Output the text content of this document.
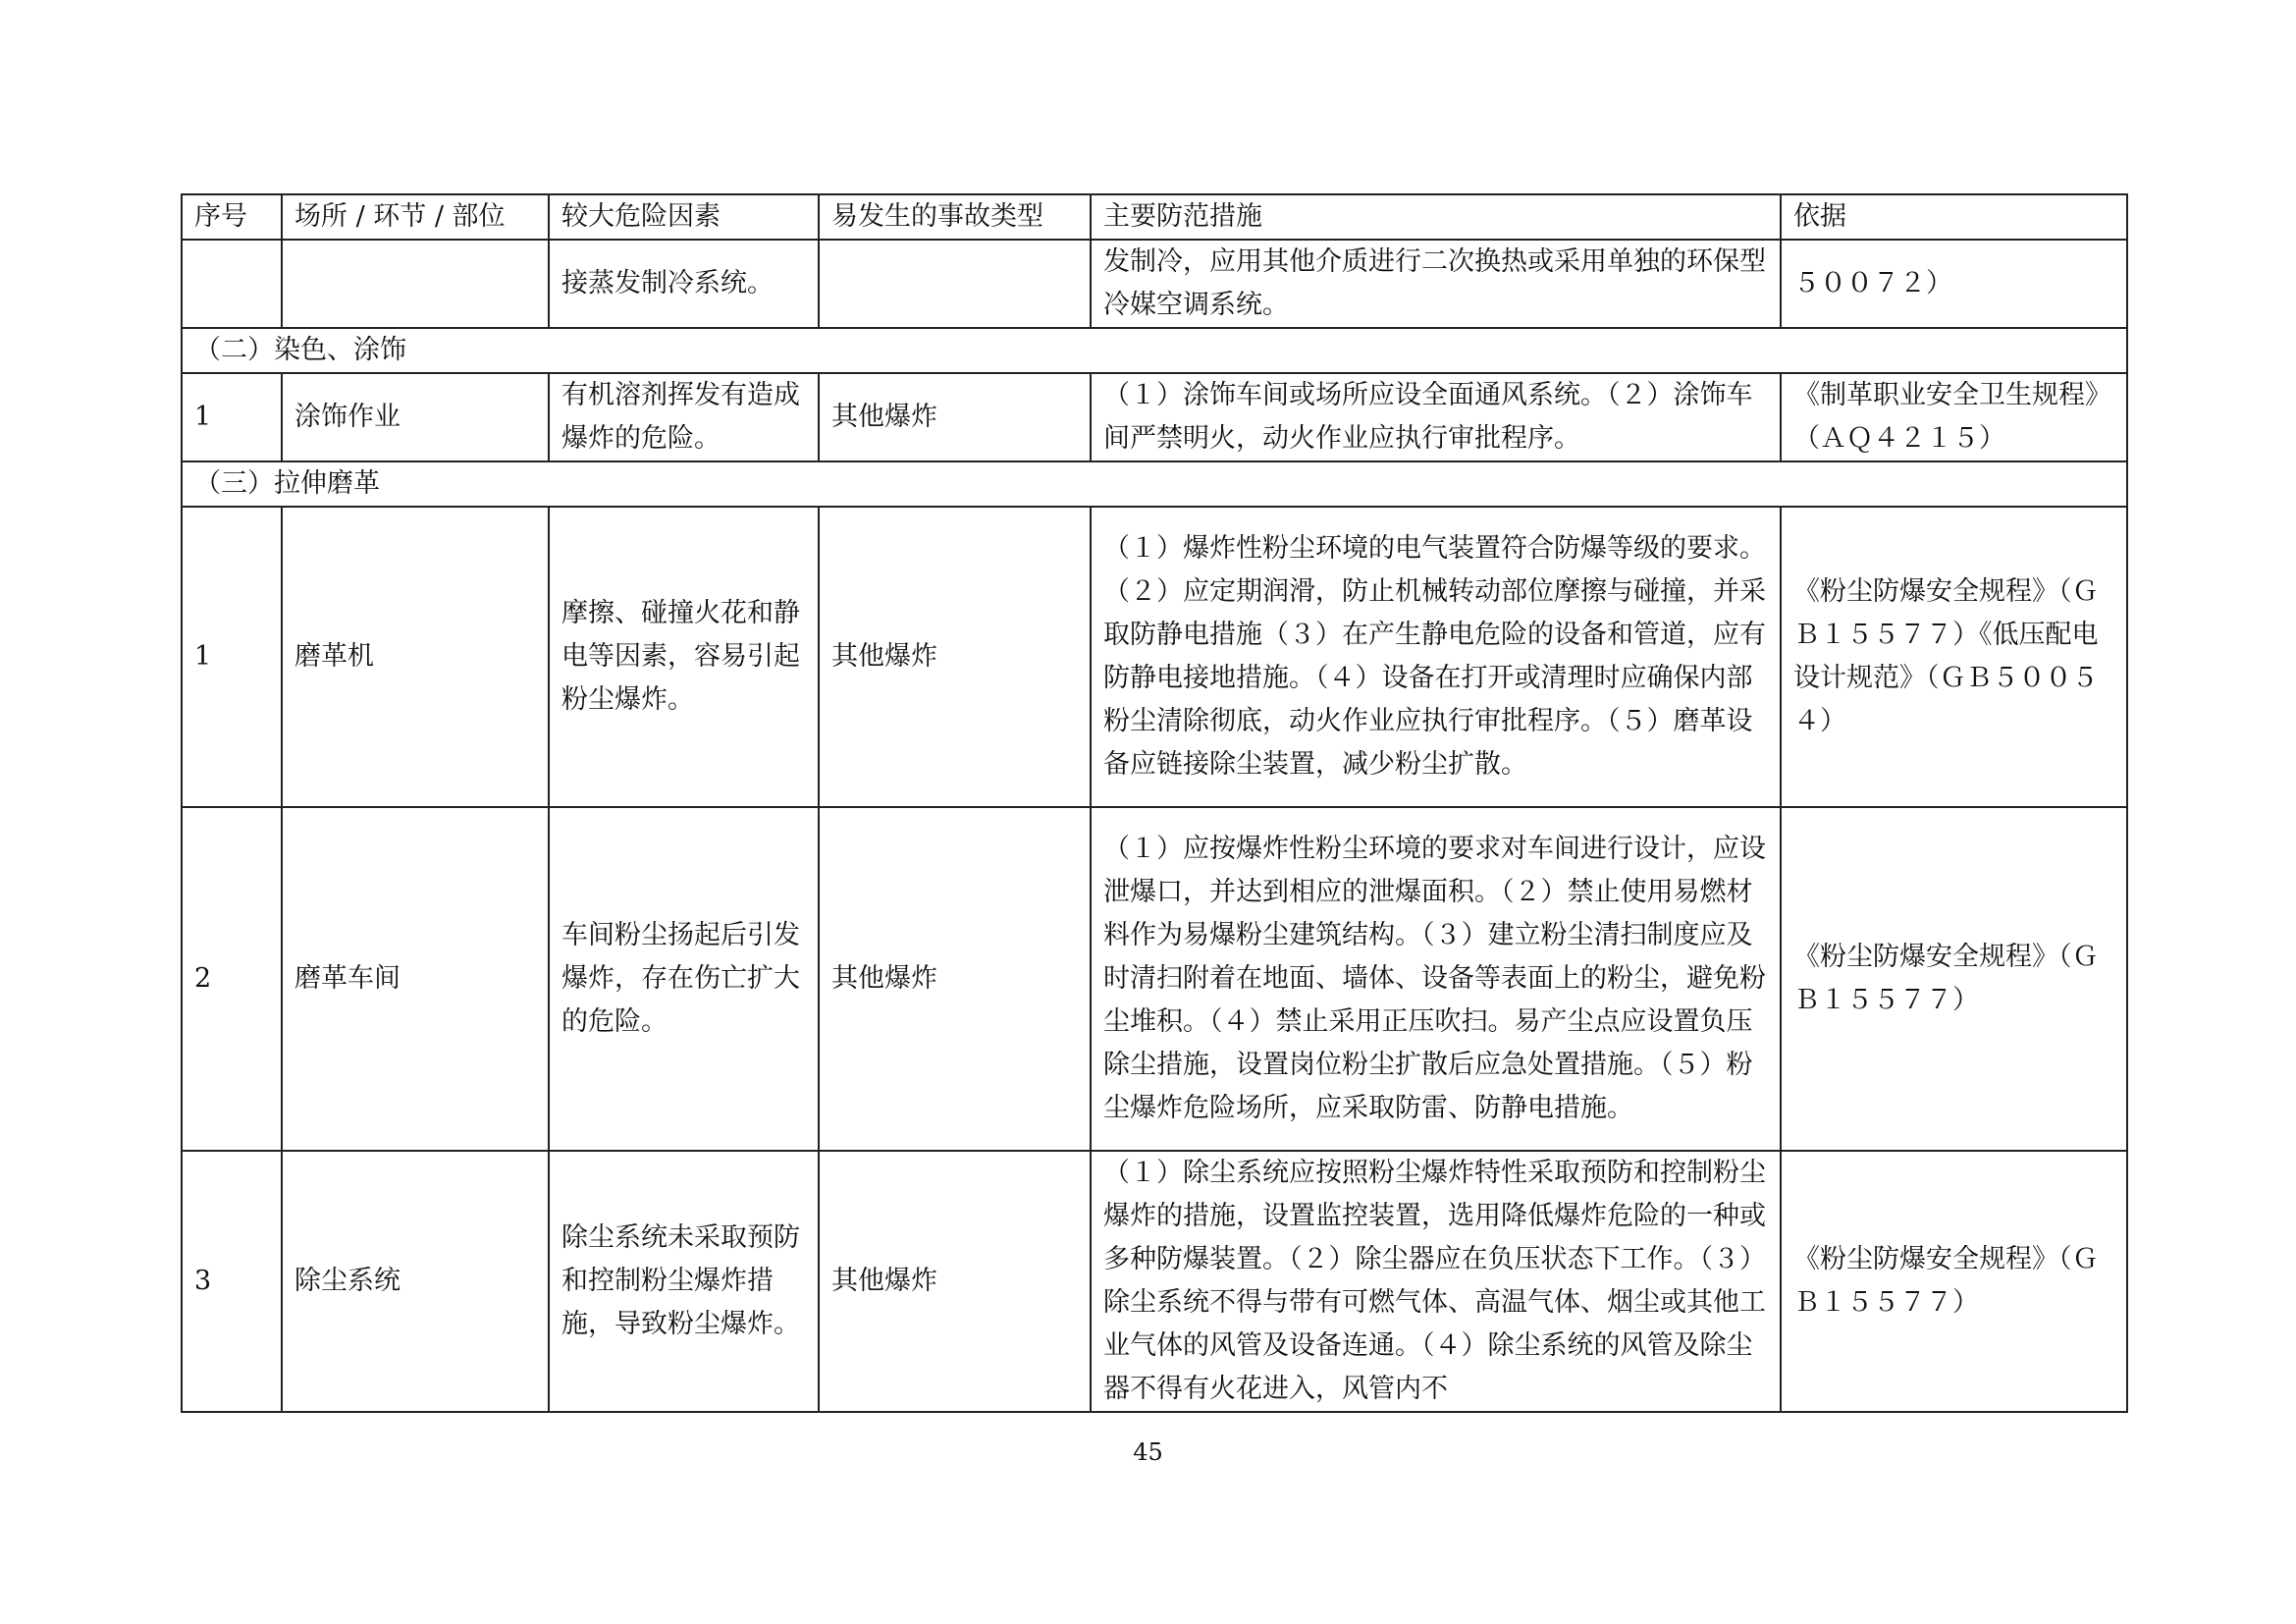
序号	场所 / 环节 / 部位	较大危险因素	易发生的事故类型	主要防范措施	依据
		接蒸发制冷系统。		发制冷，应用其他介质进行二次换热或采用单独的环保型冷媒空调系统。	５００７２）
（二）染色、涂饰					
1	涂饰作业	有机溶剂挥发有造成爆炸的危险。	其他爆炸	（１）涂饰车间或场所应设全面通风系统。（２）涂饰车间严禁明火，动火作业应执行审批程序。	《制革职业安全卫生规程》（ＡＱ４２１５）
（三）拉伸磨革					
1	磨革机	摩擦、碰撞火花和静电等因素，容易引起粉尘爆炸。	其他爆炸	（１）爆炸性粉尘环境的电气装置符合防爆等级的要求。（２）应定期润滑，防止机械转动部位摩擦与碰撞，并采取防静电措施（３）在产生静电危险的设备和管道，应有防静电接地措施。（４）设备在打开或清理时应确保内部粉尘清除彻底，动火作业应执行审批程序。（５）磨革设备应链接除尘装置，减少粉尘扩散。	《粉尘防爆安全规程》（ＧＢ１５５７７）《低压配电设计规范》（ＧＢ５００５４）
2	磨革车间	车间粉尘扬起后引发爆炸，存在伤亡扩大的危险。	其他爆炸	（１）应按爆炸性粉尘环境的要求对车间进行设计，应设泄爆口，并达到相应的泄爆面积。（２）禁止使用易燃材料作为易爆粉尘建筑结构。（３）建立粉尘清扫制度应及时清扫附着在地面、墙体、设备等表面上的粉尘，避免粉尘堆积。（４）禁止采用正压吹扫。易产尘点应设置负压除尘措施，设置岗位粉尘扩散后应急处置措施。（５）粉尘爆炸危险场所，应采取防雷、防静电措施。	《粉尘防爆安全规程》（ＧＢ１５５７７）
3	除尘系统	除尘系统未采取预防和控制粉尘爆炸措施，导致粉尘爆炸。	其他爆炸	（１）除尘系统应按照粉尘爆炸特性采取预防和控制粉尘爆炸的措施，设置监控装置，选用降低爆炸危险的一种或多种防爆装置。（２）除尘器应在负压状态下工作。（３）除尘系统不得与带有可燃气体、高温气体、烟尘或其他工业气体的风管及设备连通。（４）除尘系统的风管及除尘器不得有火花进入，风管内不	《粉尘防爆安全规程》（ＧＢ１５５７７）
45
